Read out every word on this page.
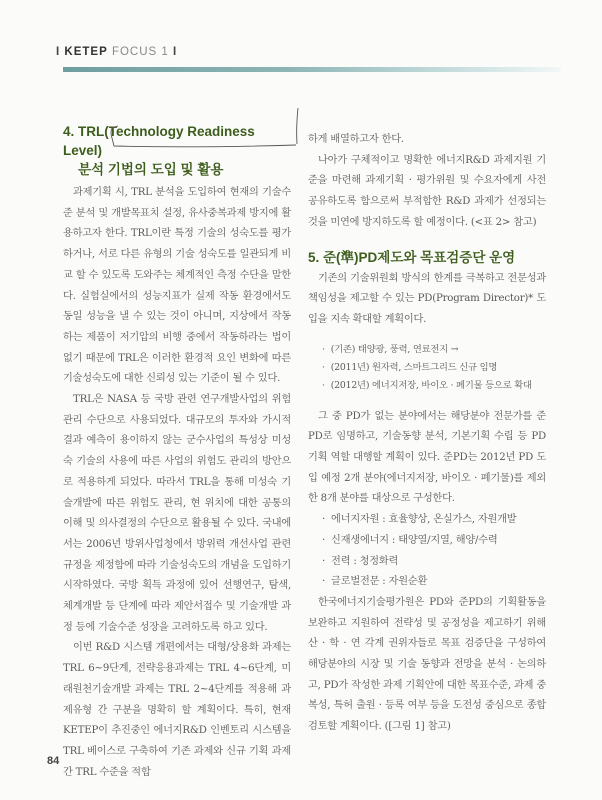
I KETEP FOCUS 1 I
4. TRL(Technology Readiness Level)
분석 기법의 도입 및 활용

과제기획 시, TRL 분석을 도입하여 현재의 기술수준 분석 및 개발목표치 설정, 유사중복과제 방지에 활용하고자 한다. TRL이란 특정 기술의 성숙도를 평가하거나, 서로 다른 유형의 기술 성숙도를 일관되게 비교 할 수 있도록 도와주는 체계적인 측정 수단을 말한다. 실험실에서의 성능지표가 실제 작동 환경에서도 동일 성능을 낼 수 있는 것이 아니며, 지상에서 작동하는 제품이 저기압의 비행 중에서 작동하라는 법이 없기 때문에 TRL은 이러한 환경적 요인 변화에 따른 기술성숙도에 대한 신뢰성 있는 기준이 될 수 있다.

TRL은 NASA 등 국방 관련 연구개발사업의 위험관리 수단으로 사용되었다. 대규모의 투자와 가시적 결과 예측이 용이하지 않는 군수사업의 특성상 미성숙 기술의 사용에 따른 사업의 위험도 관리의 방안으로 적용하게 되었다. 따라서 TRL을 통해 미성숙 기술개발에 따른 위험도 관리, 현 위치에 대한 공통의 이해 및 의사결정의 수단으로 활용될 수 있다. 국내에서는 2006년 방위사업청에서 방위력 개선사업 관련 규정을 제정함에 따라 기술성숙도의 개념을 도입하기 시작하였다. 국방 획득 과정에 있어 선행연구, 탐색, 체계개발 등 단계에 따라 제안서접수 및 기술개발 과정 등에 기술수준 성장을 고려하도록 하고 있다.

이번 R&D 시스템 개편에서는 대형/상용화 과제는 TRL 6~9단계, 전략응용과제는 TRL 4~6단계, 미래원천기술개발 과제는 TRL 2~4단계를 적용해 과제유형 간 구분을 명확히 할 계획이다. 특히, 현재 KETEP이 추진중인 에너지R&D 인벤토리 시스템을 TRL 베이스로 구축하여 기존 과제와 신규 기획 과제 간 TRL 수준을 적합

하게 배열하고자 한다.

나아가 구체적이고 명확한 에너지R&D 과제지원 기준을 마련해 과제기획 · 평가위원 및 수요자에게 사전 공유하도록 함으로써 부적합한 R&D 과제가 선정되는 것을 미연에 방지하도록 할 예정이다. (<표 2> 참고)

5. 준(準)PD제도와 목표검증단 운영

기존의 기술위원회 방식의 한계를 극복하고 전문성과 책임성을 제고할 수 있는 PD(Program Director)* 도입을 지속 확대할 계획이다.

· (기존) 태양광, 풍력, 연료전지 →
· (2011년) 원자력, 스마트그리드 신규 임명
· (2012년) 에너지저장, 바이오 · 폐기물 등으로 확대

그 중 PD가 없는 분야에서는 해당분야 전문가를 준PD로 임명하고, 기술동향 분석, 기본기획 수립 등 PD 기획 역할 대행할 계획이 있다. 준PD는 2012년 PD 도입 예정 2개 분야(에너지저장, 바이오 · 폐기물)를 제외한 8개 분야를 대상으로 구성한다.

· 에너지자원 : 효율향상, 온실가스, 자원개발
· 신재생에너지 : 태양열/지열, 해양/수력
· 전력 : 청정화력
· 글로벌전문 : 자원순환

한국에너지기술평가원은 PD와 준PD의 기획활동을 보완하고 지원하여 전략성 및 공정성을 제고하기 위해 산 · 학 · 연 각계 권위자들로 목표 검증단을 구성하여 해당분야의 시장 및 기술 동향과 전망을 분석 · 논의하고, PD가 작성한 과제 기획안에 대한 목표수준, 과제 중복성, 특허 출원 · 등록 여부 등을 도전성 중심으로 종합 검토할 계획이다. ([그림 1] 참고)

84
